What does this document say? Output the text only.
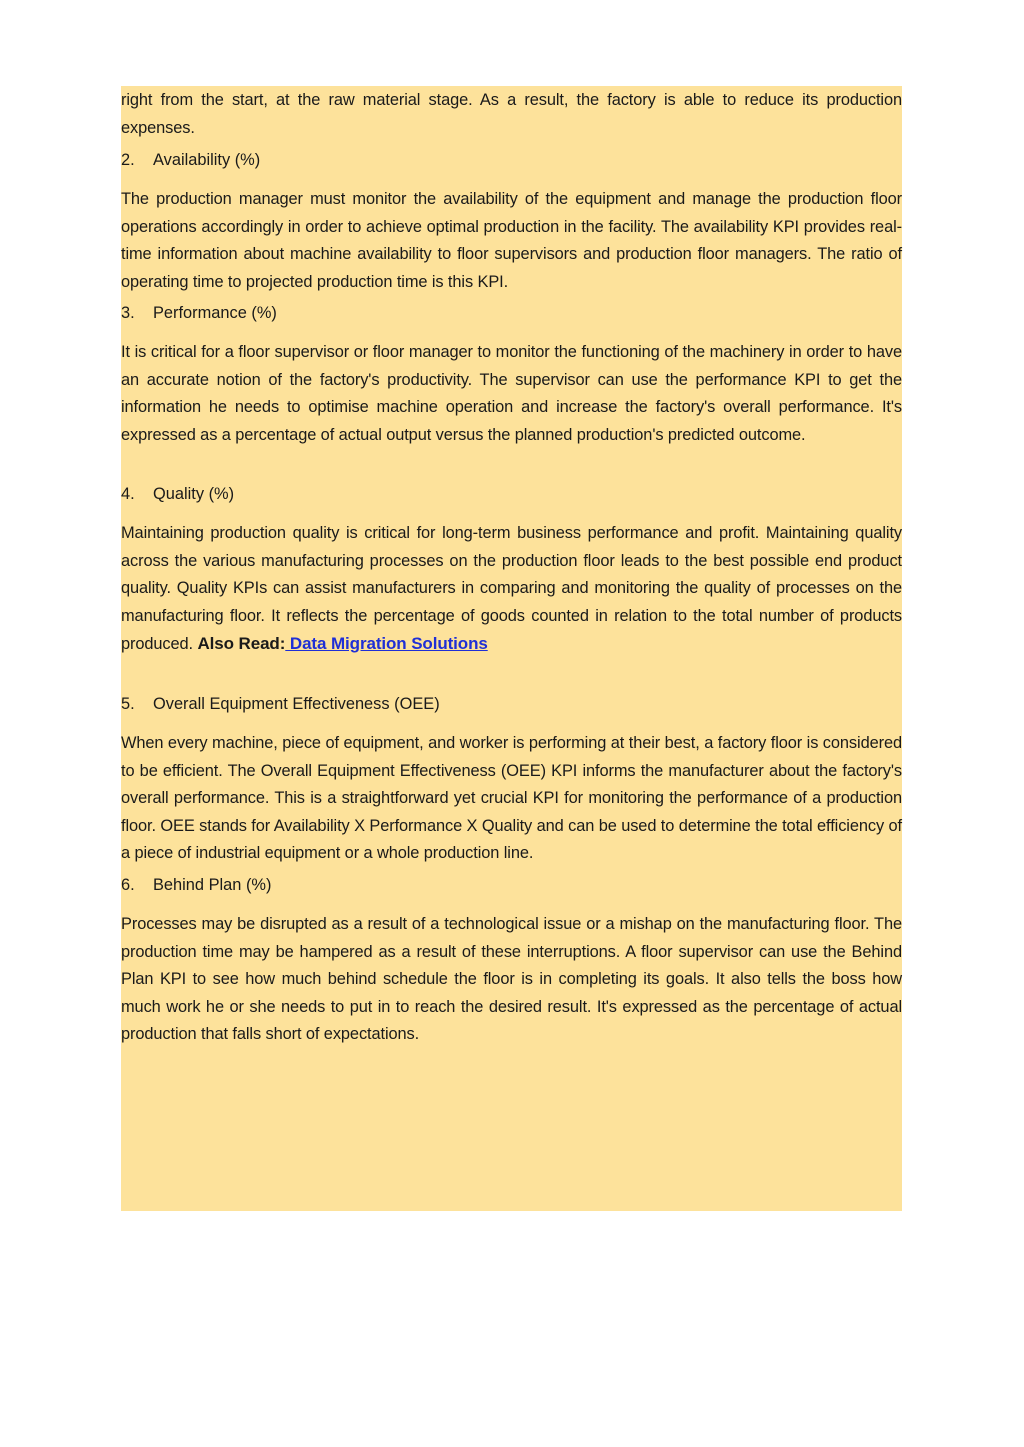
right from the start, at the raw material stage. As a result, the factory is able to reduce its production expenses.

2. Availability (%)

The production manager must monitor the availability of the equipment and manage the production floor operations accordingly in order to achieve optimal production in the facility. The availability KPI provides real-time information about machine availability to floor supervisors and production floor managers. The ratio of operating time to projected production time is this KPI.

3. Performance (%)

It is critical for a floor supervisor or floor manager to monitor the functioning of the machinery in order to have an accurate notion of the factory's productivity. The supervisor can use the performance KPI to get the information he needs to optimise machine operation and increase the factory's overall performance. It's expressed as a percentage of actual output versus the planned production's predicted outcome.

4. Quality (%)

Maintaining production quality is critical for long-term business performance and profit. Maintaining quality across the various manufacturing processes on the production floor leads to the best possible end product quality. Quality KPIs can assist manufacturers in comparing and monitoring the quality of processes on the manufacturing floor. It reflects the percentage of goods counted in relation to the total number of products produced. Also Read: Data Migration Solutions

5. Overall Equipment Effectiveness (OEE)

When every machine, piece of equipment, and worker is performing at their best, a factory floor is considered to be efficient. The Overall Equipment Effectiveness (OEE) KPI informs the manufacturer about the factory's overall performance. This is a straightforward yet crucial KPI for monitoring the performance of a production floor. OEE stands for Availability X Performance X Quality and can be used to determine the total efficiency of a piece of industrial equipment or a whole production line.

6. Behind Plan (%)

Processes may be disrupted as a result of a technological issue or a mishap on the manufacturing floor. The production time may be hampered as a result of these interruptions. A floor supervisor can use the Behind Plan KPI to see how much behind schedule the floor is in completing its goals. It also tells the boss how much work he or she needs to put in to reach the desired result. It's expressed as the percentage of actual production that falls short of expectations.
